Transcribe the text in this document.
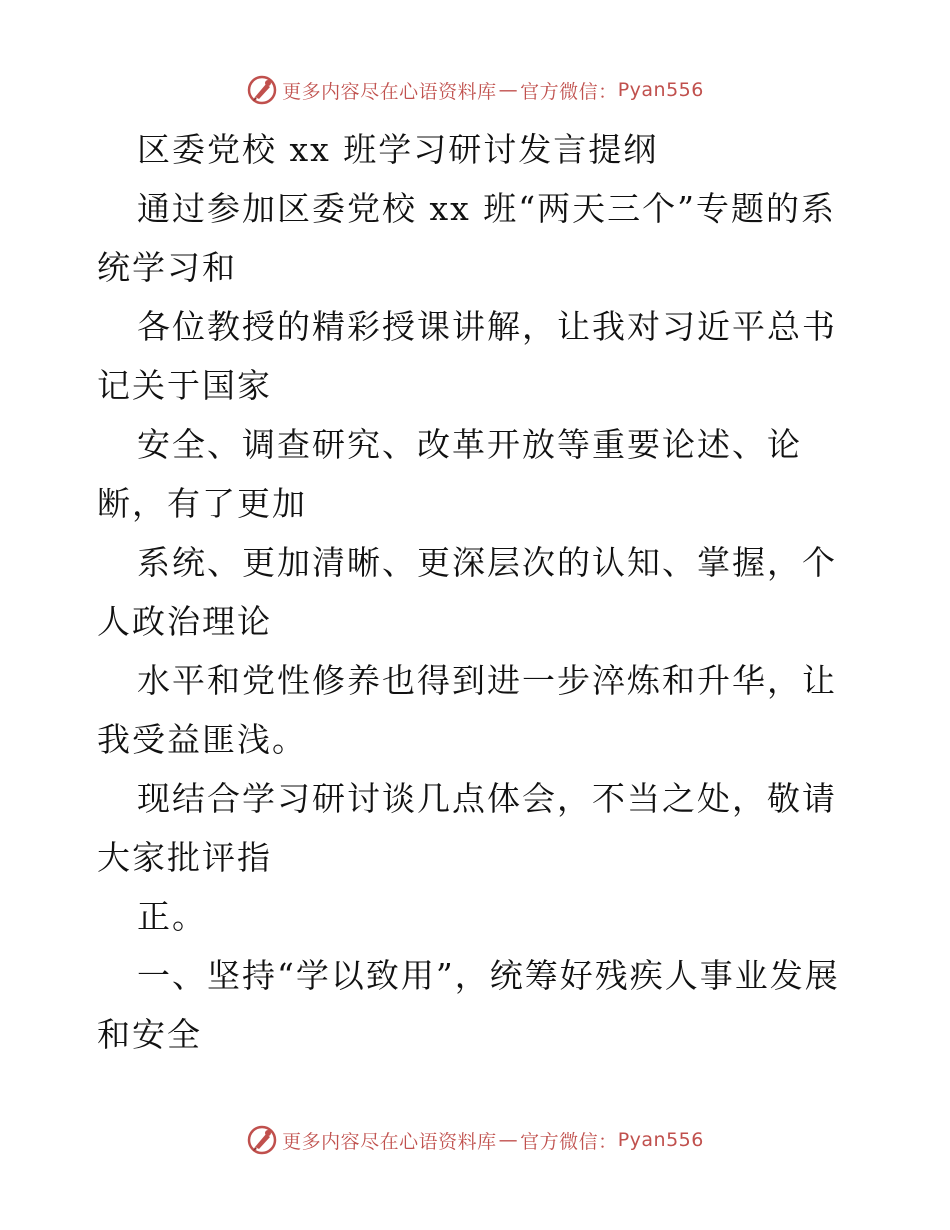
更多内容尽在心语资料库 — 官方微信： Pyan556

区委党校 xx 班学习研讨发言提纲

通过参加区委党校 xx 班“两天三个”专题的系统学习和

各位教授的精彩授课讲解，让我对习近平总书记关于国家

安全、调查研究、改革开放等重要论述、论断，有了更加

系统、更加清晰、更深层次的认知、掌握，个人政治理论

水平和党性修养也得到进一步淬炼和升华，让我受益匪浅。

现结合学习研讨谈几点体会，不当之处，敬请大家批评指

正。

一、坚持“学以致用”，统筹好残疾人事业发展和安全

更多内容尽在心语资料库 — 官方微信： Pyan556
